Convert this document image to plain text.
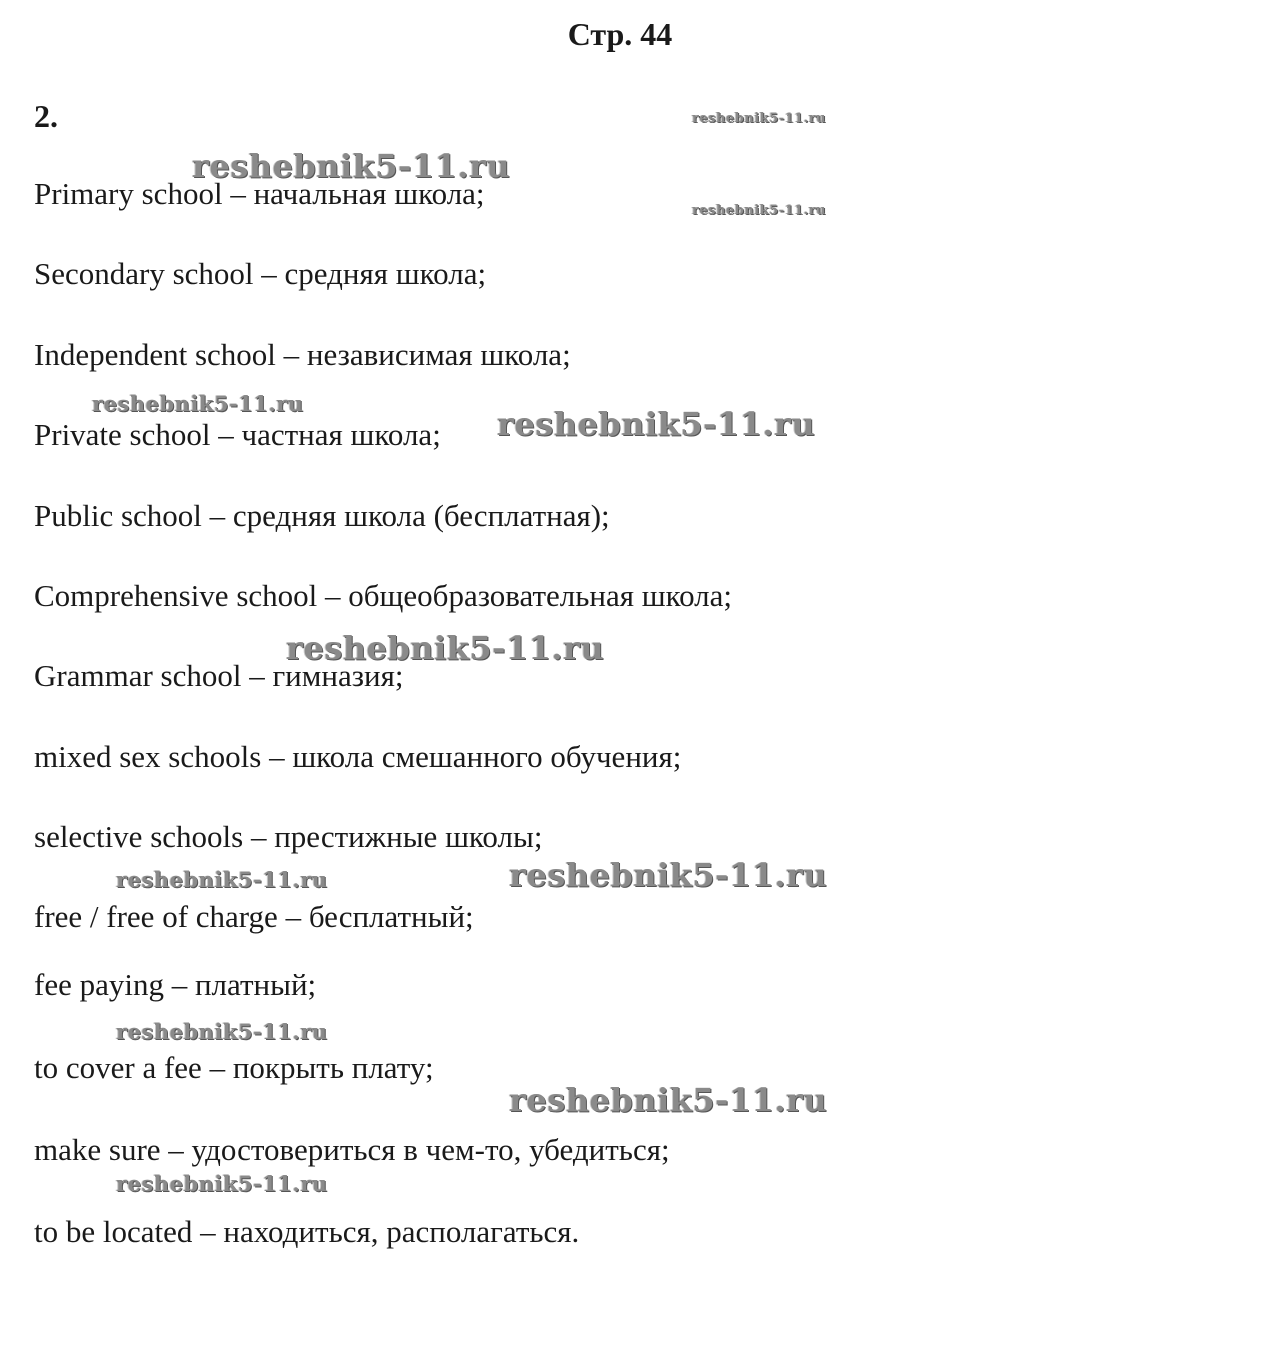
Стр. 44
2.
Primary school – начальная школа;
Secondary school – средняя школа;
Independent school – независимая школа;
Private school – частная школа;
Public school – средняя школа (бесплатная);
Comprehensive school – общеобразовательная школа;
Grammar school – гимназия;
mixed sex schools – школа смешанного обучения;
selective schools – престижные школы;
free / free of charge – бесплатный;
fee paying – платный;
to cover a fee – покрыть плату;
make sure – удостовериться в чем-то, убедиться;
to be located – находиться, располагаться.
reshebnik5-11.ru
reshebnik5-11.ru
reshebnik5-11.ru
reshebnik5-11.ru
reshebnik5-11.ru
reshebnik5-11.ru
reshebnik5-11.ru	reshebnik5-11.ru
reshebnik5-11.ru
reshebnik5-11.ru
reshebnik5-11.ru
